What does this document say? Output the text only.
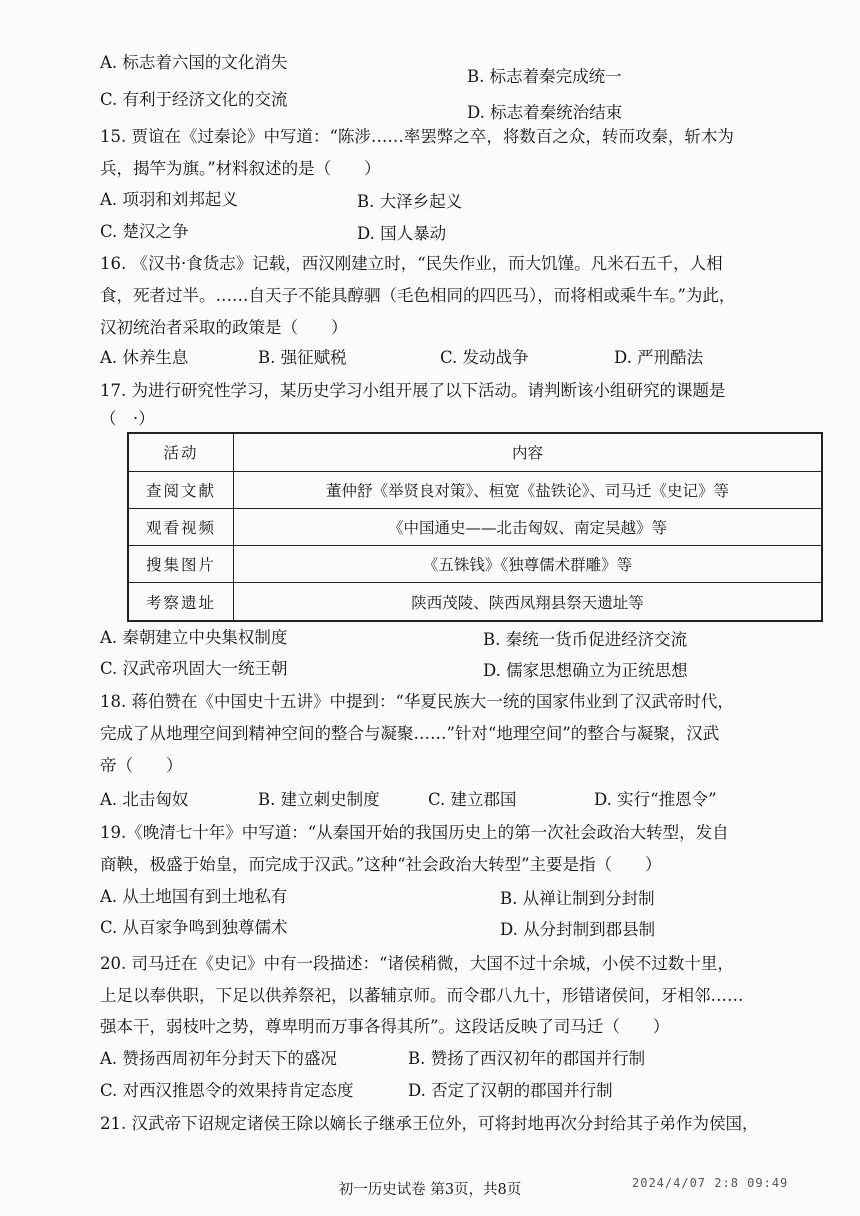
A. 标志着六国的文化消失
B. 标志着秦完成统一
C. 有利于经济文化的交流
D. 标志着秦统治结束
15. 贾谊在《过秦论》中写道：“陈涉……率罢弊之卒，将数百之众，转而攻秦，斩木为
兵，揭竿为旗。”材料叙述的是（　　）
A. 项羽和刘邦起义	B. 大泽乡起义
C. 楚汉之争	D. 国人暴动
16. 《汉书·食货志》记载，西汉刚建立时，“民失作业，而大饥馑。凡米石五千，人相
食，死者过半。……自天子不能具醇驷（毛色相同的四匹马），而将相或乘牛车。”为此，
汉初统治者采取的政策是（　　）
A. 休养生息	B. 强征赋税	C. 发动战争	D. 严刑酷法
17. 为进行研究性学习，某历史学习小组开展了以下活动。请判断该小组研究的课题是
（　·）
活动	内容
查阅文献	董仲舒《举贤良对策》、桓宽《盐铁论》、司马迁《史记》等
观看视频	《中国通史——北击匈奴、南定吴越》等
搜集图片	《五铢钱》《独尊儒术群雕》等
考察遗址	陕西茂陵、陕西凤翔县祭天遗址等
A. 秦朝建立中央集权制度	B. 秦统一货币促进经济交流
C. 汉武帝巩固大一统王朝	D. 儒家思想确立为正统思想
18. 蒋伯赞在《中国史十五讲》中提到：“华夏民族大一统的国家伟业到了汉武帝时代，
完成了从地理空间到精神空间的整合与凝聚……”针对“地理空间”的整合与凝聚，汉武
帝（　　）
A. 北击匈奴	B. 建立刺史制度	C. 建立郡国	D. 实行“推恩令”
19.《晚清七十年》中写道：“从秦国开始的我国历史上的第一次社会政治大转型，发自
商鞅，极盛于始皇，而完成于汉武。”这种“社会政治大转型”主要是指（　　）
A. 从土地国有到土地私有	B. 从禅让制到分封制
C. 从百家争鸣到独尊儒术	D. 从分封制到郡县制
20. 司马迁在《史记》中有一段描述：“诸侯稍微，大国不过十余城，小侯不过数十里，
上足以奉供职，下足以供养祭祀，以蕃辅京师。而令郡八九十，形错诸侯间，牙相邻……
强本干，弱枝叶之势，尊卑明而万事各得其所”。这段话反映了司马迁（　　）
A. 赞扬西周初年分封天下的盛况	B. 赞扬了西汉初年的郡国并行制
C. 对西汉推恩令的效果持肯定态度	D. 否定了汉朝的郡国并行制
21. 汉武帝下诏规定诸侯王除以嫡长子继承王位外，可将封地再次分封给其子弟作为侯国，
初一历史试卷 第3页，共8页	2024/4/07 2:8 09:49
